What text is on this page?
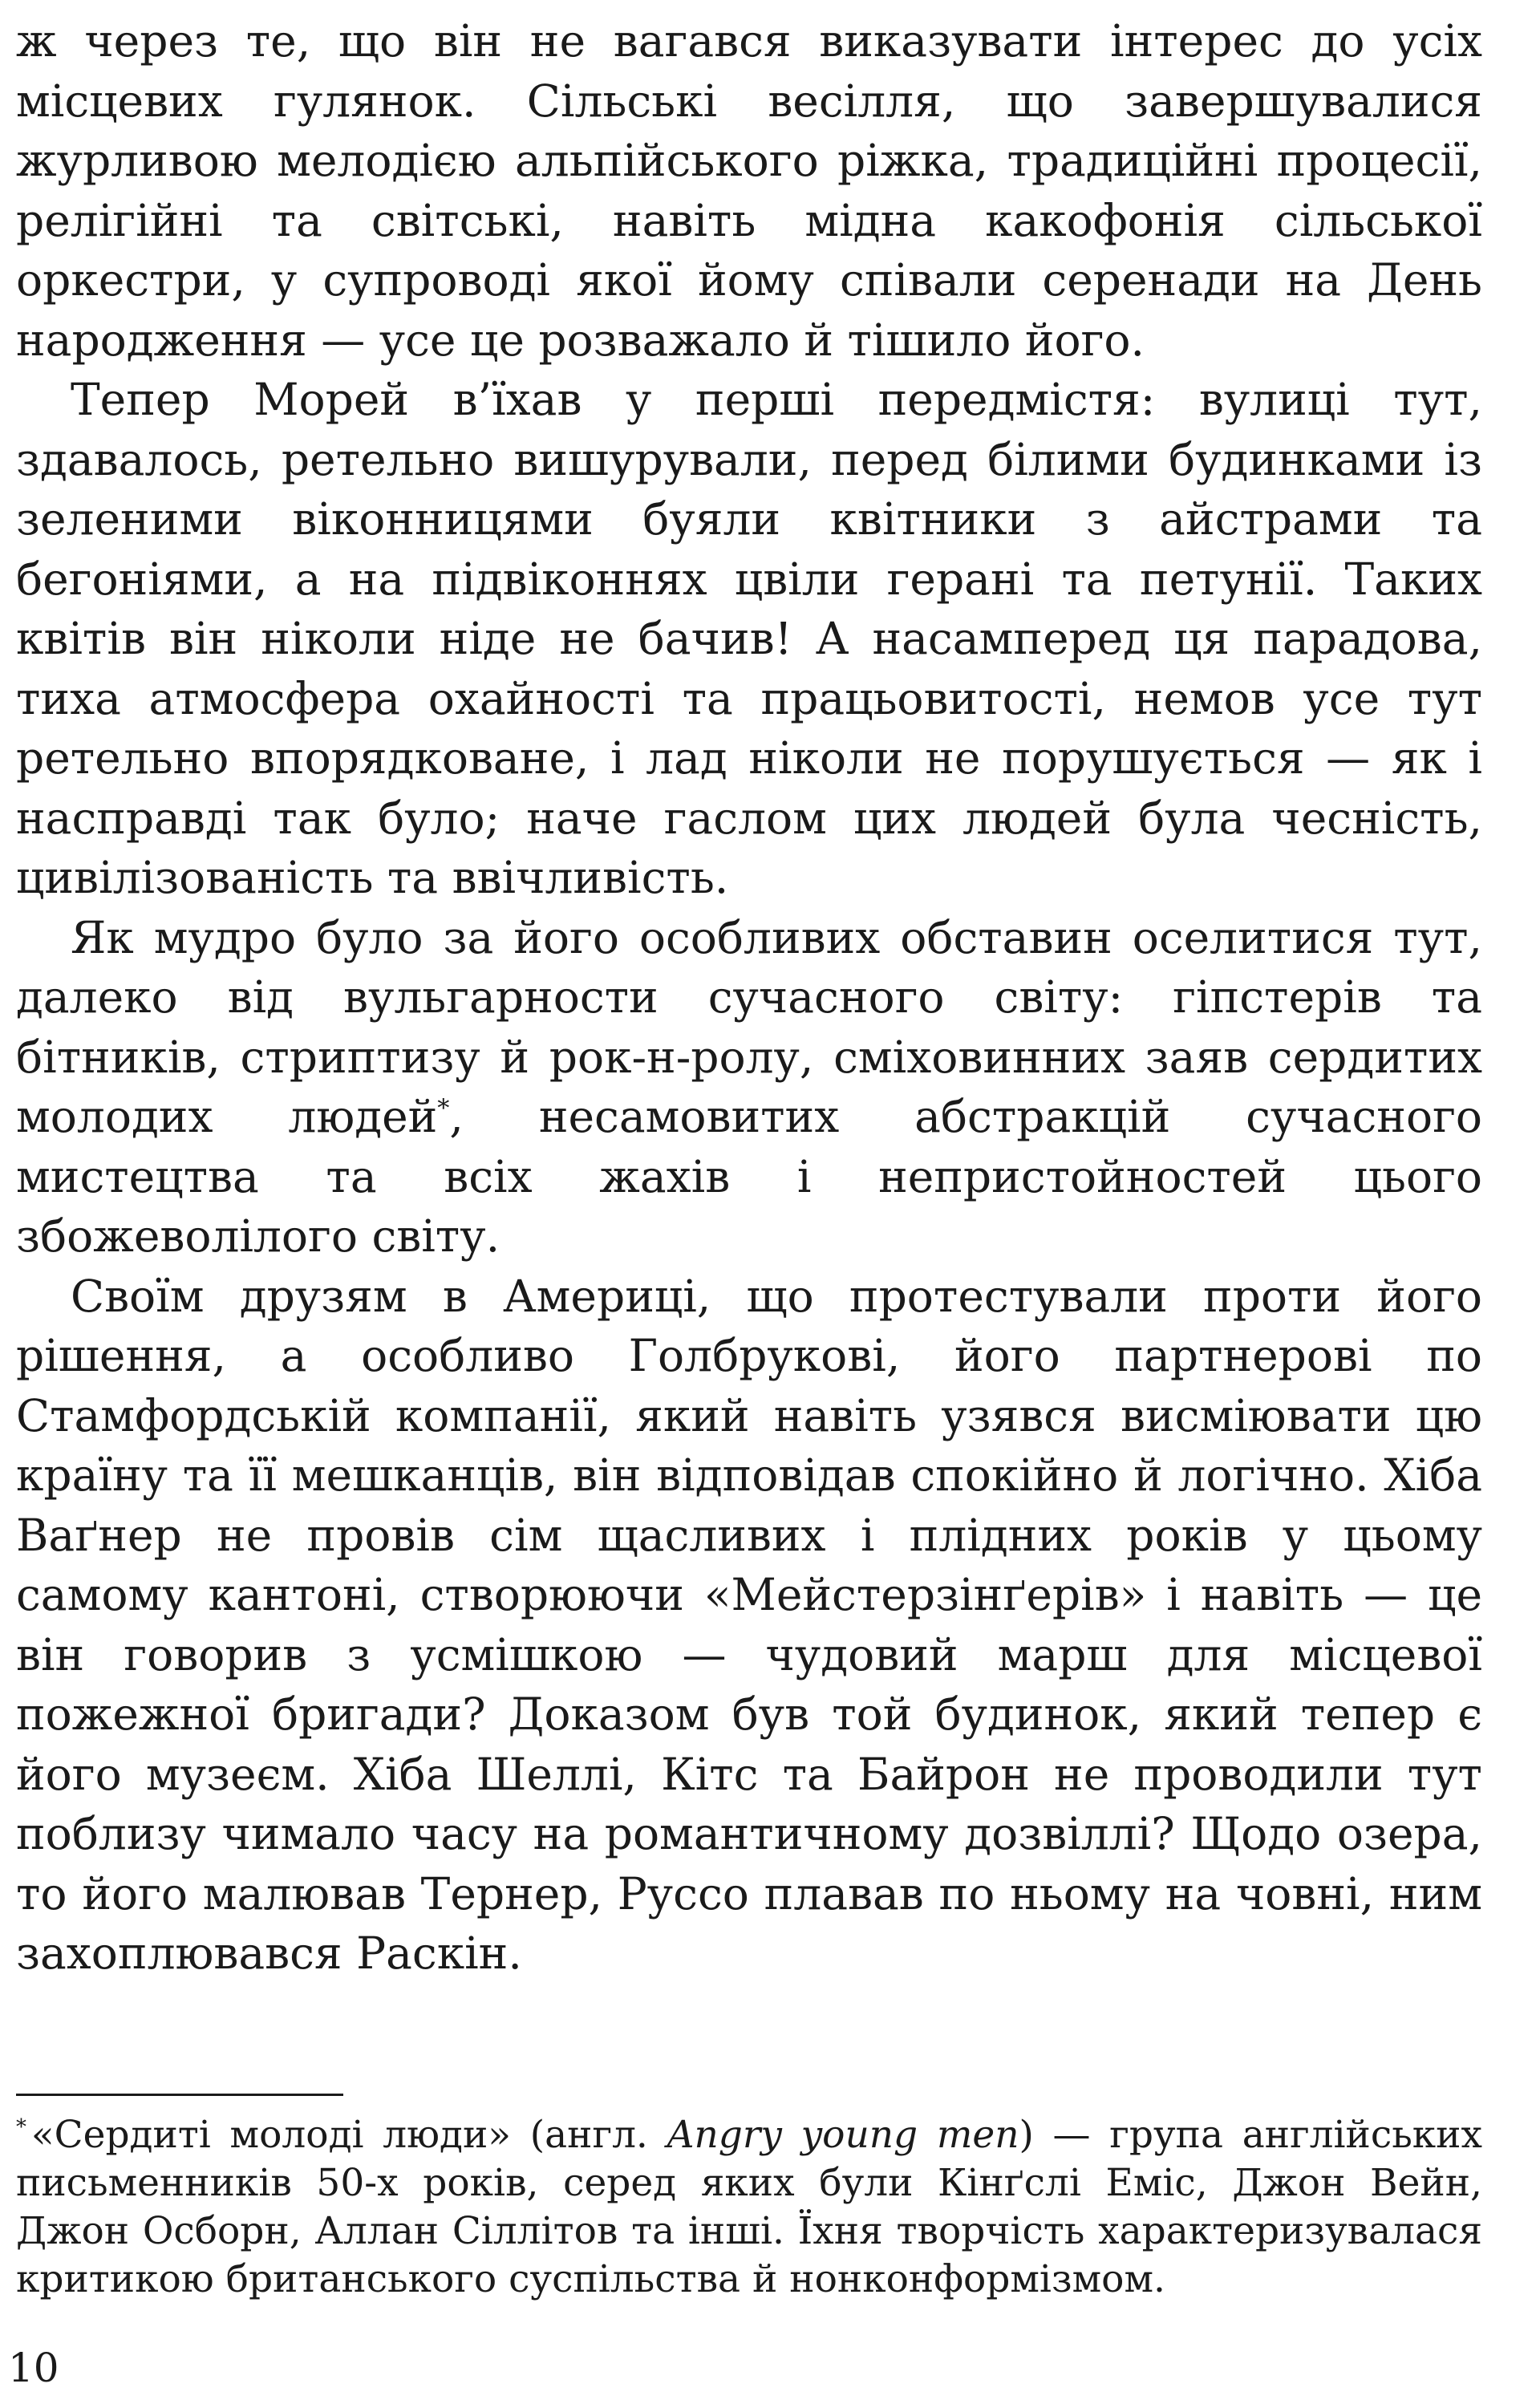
ж через те, що він не вагався виказувати інтерес до усіх місцевих гулянок. Сільські весілля, що завершувалися журливою мелодією альпійського ріжка, традиційні процесії, релігійні та світські, навіть мідна какофонія сільської оркестри, у супроводі якої йому співали серенади на День народження — усе це розважало й тішило його.

Тепер Морей в’їхав у перші передмістя: вулиці тут, здавалось, ретельно вишурували, перед білими будинками із зеленими віконницями буяли квітники з айстрами та бегоніями, а на підвіконнях цвіли герані та петунії. Таких квітів він ніколи ніде не бачив! А насамперед ця парадова, тиха атмосфера охайності та працьовитості, немов усе тут ретельно впорядковане, і лад ніколи не порушується — як і насправді так було; наче гаслом цих людей була чесність, цивілізованість та ввічливість.

Як мудро було за його особливих обставин оселитися тут, далеко від вульгарности сучасного світу: гіпстерів та бітників, стриптизу й рок-н-ролу, сміховинних заяв сердитих молодих людей*, несамовитих абстракцій сучасного мистецтва та всіх жахів і непристойностей цього збожеволілого світу.

Своїм друзям в Америці, що протестували проти його рішення, а особливо Голбрукові, його партнерові по Стамфордській компанії, який навіть узявся висміювати цю країну та її мешканців, він відповідав спокійно й логічно. Хіба Ваґнер не провів сім щасливих і плідних років у цьому самому кантоні, створюючи «Мейстерзінґерів» і навіть — це він говорив з усмішкою — чудовий марш для місцевої пожежної бригади? Доказом був той будинок, який тепер є його музеєм. Хіба Шеллі, Кітс та Байрон не проводили тут поблизу чимало часу на романтичному дозвіллі? Щодо озера, то його малював Тернер, Руссо плавав по ньому на човні, ним захоплювався Раскін.

* «Сердиті молоді люди» (англ. Angry young men) — група англійських письменників 50-х років, серед яких були Кінґслі Еміс, Джон Вейн, Джон Осборн, Аллан Сіллітов та інші. Їхня творчість характеризувалася критикою британського суспільства й нонконформізмом.

10
